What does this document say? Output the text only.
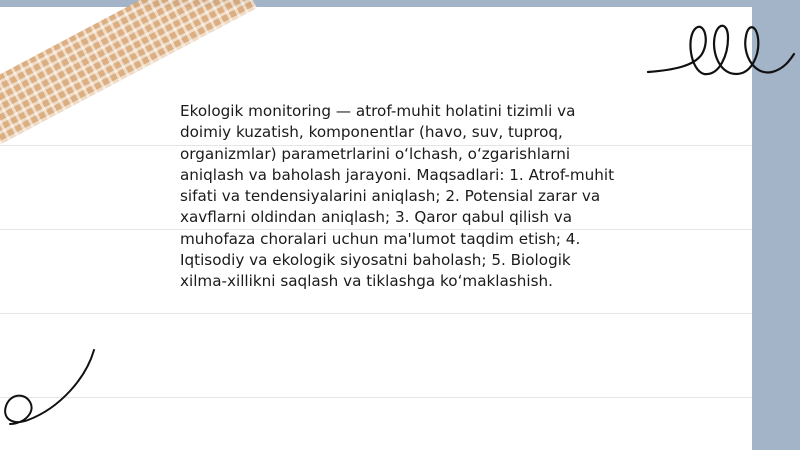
Ekologik monitoring — atrof-muhit holatini tizimli va doimiy kuzatish, komponentlar (havo, suv, tuproq, organizmlar) parametrlarini oʻlchash, oʻzgarishlarni aniqlash va baholash jarayoni. Maqsadlari: 1. Atrof-muhit sifati va tendensiyalarini aniqlash; 2. Potensial zarar va xavflarni oldindan aniqlash; 3. Qaror qabul qilish va muhofaza choralari uchun ma'lumot taqdim etish; 4. Iqtisodiy va ekologik siyosatni baholash; 5. Biologik xilma-xillikni saqlash va tiklashga koʻmaklashish.
